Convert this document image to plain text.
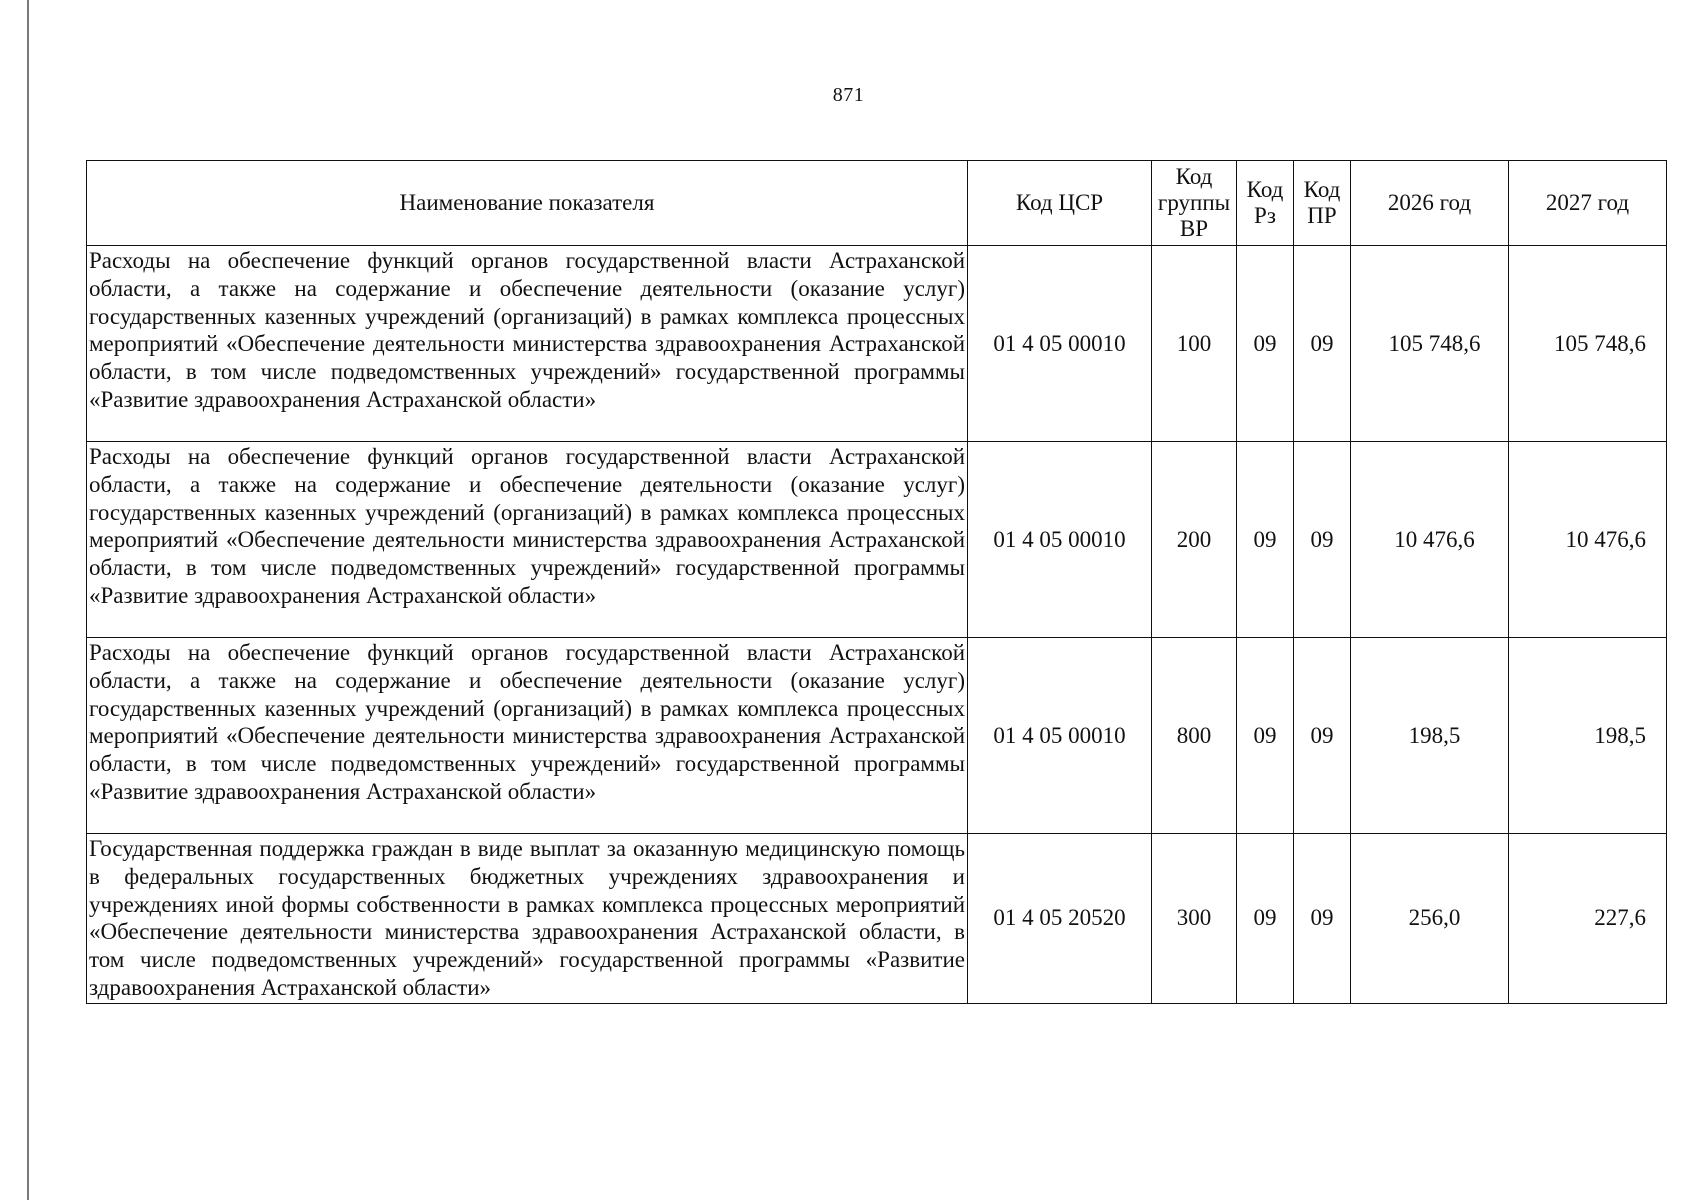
871
Наименование показателя	Код ЦСР	Код группы ВР	Код Рз	Код ПР	2026 год	2027 год
Расходы на обеспечение функций органов государственной власти Астраханской области, а также на содержание и обеспечение деятельности (оказание услуг) государственных казенных учреждений (организаций) в рамках комплекса процессных мероприятий «Обеспечение деятельности министерства здравоохранения Астраханской области, в том числе подведомственных учреждений» государственной программы «Развитие здравоохранения Астраханской области»	01 4 05 00010	100	09	09	105 748,6	105 748,6
Расходы на обеспечение функций органов государственной власти Астраханской области, а также на содержание и обеспечение деятельности (оказание услуг) государственных казенных учреждений (организаций) в рамках комплекса процессных мероприятий «Обеспечение деятельности министерства здравоохранения Астраханской области, в том числе подведомственных учреждений» государственной программы «Развитие здравоохранения Астраханской области»	01 4 05 00010	200	09	09	10 476,6	10 476,6
Расходы на обеспечение функций органов государственной власти Астраханской области, а также на содержание и обеспечение деятельности (оказание услуг) государственных казенных учреждений (организаций) в рамках комплекса процессных мероприятий «Обеспечение деятельности министерства здравоохранения Астраханской области, в том числе подведомственных учреждений» государственной программы «Развитие здравоохранения Астраханской области»	01 4 05 00010	800	09	09	198,5	198,5
Государственная поддержка граждан в виде выплат за оказанную медицинскую помощь в федеральных государственных бюджетных учреждениях здравоохранения и учреждениях иной формы собственности в рамках комплекса процессных мероприятий «Обеспечение деятельности министерства здравоохранения Астраханской области, в том числе подведомственных учреждений» государственной программы «Развитие здравоохранения Астраханской области»	01 4 05 20520	300	09	09	256,0	227,6
